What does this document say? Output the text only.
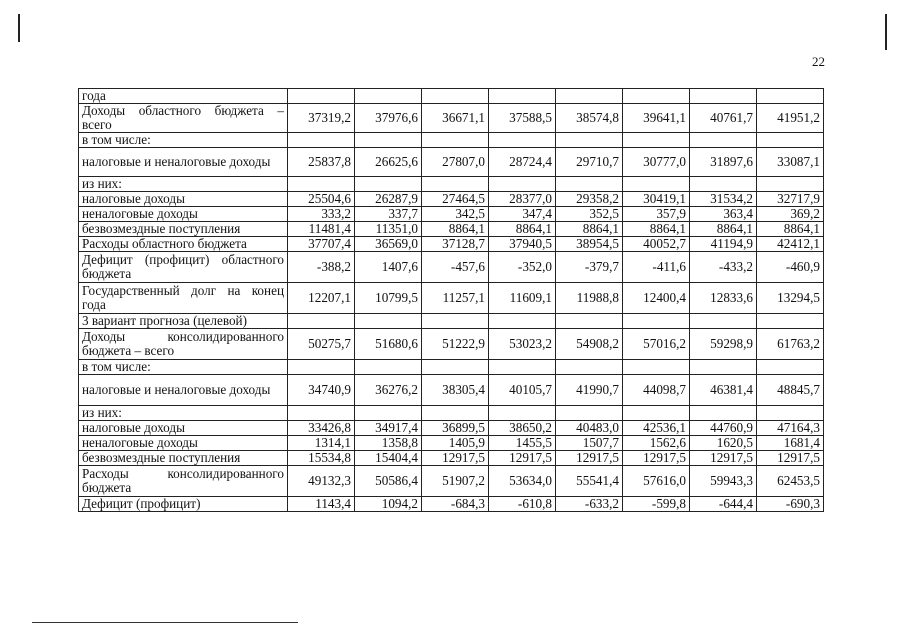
22
года								
Доходы областного бюджета – всего	37319,2	37976,6	36671,1	37588,5	38574,8	39641,1	40761,7	41951,2
в том числе:								
налоговые и неналоговые доходы	25837,8	26625,6	27807,0	28724,4	29710,7	30777,0	31897,6	33087,1
из них:								
налоговые доходы	25504,6	26287,9	27464,5	28377,0	29358,2	30419,1	31534,2	32717,9
неналоговые доходы	333,2	337,7	342,5	347,4	352,5	357,9	363,4	369,2
безвозмездные поступления	11481,4	11351,0	8864,1	8864,1	8864,1	8864,1	8864,1	8864,1
Расходы областного бюджета	37707,4	36569,0	37128,7	37940,5	38954,5	40052,7	41194,9	42412,1
Дефицит (профицит) областного бюджета	-388,2	1407,6	-457,6	-352,0	-379,7	-411,6	-433,2	-460,9
Государственный долг на конец года	12207,1	10799,5	11257,1	11609,1	11988,8	12400,4	12833,6	13294,5
3 вариант прогноза (целевой)								
Доходы консолидированного бюджета – всего	50275,7	51680,6	51222,9	53023,2	54908,2	57016,2	59298,9	61763,2
в том числе:								
налоговые и неналоговые доходы	34740,9	36276,2	38305,4	40105,7	41990,7	44098,7	46381,4	48845,7
из них:								
налоговые доходы	33426,8	34917,4	36899,5	38650,2	40483,0	42536,1	44760,9	47164,3
неналоговые доходы	1314,1	1358,8	1405,9	1455,5	1507,7	1562,6	1620,5	1681,4
безвозмездные поступления	15534,8	15404,4	12917,5	12917,5	12917,5	12917,5	12917,5	12917,5
Расходы консолидированного бюджета	49132,3	50586,4	51907,2	53634,0	55541,4	57616,0	59943,3	62453,5
Дефицит (профицит)	1143,4	1094,2	-684,3	-610,8	-633,2	-599,8	-644,4	-690,3
